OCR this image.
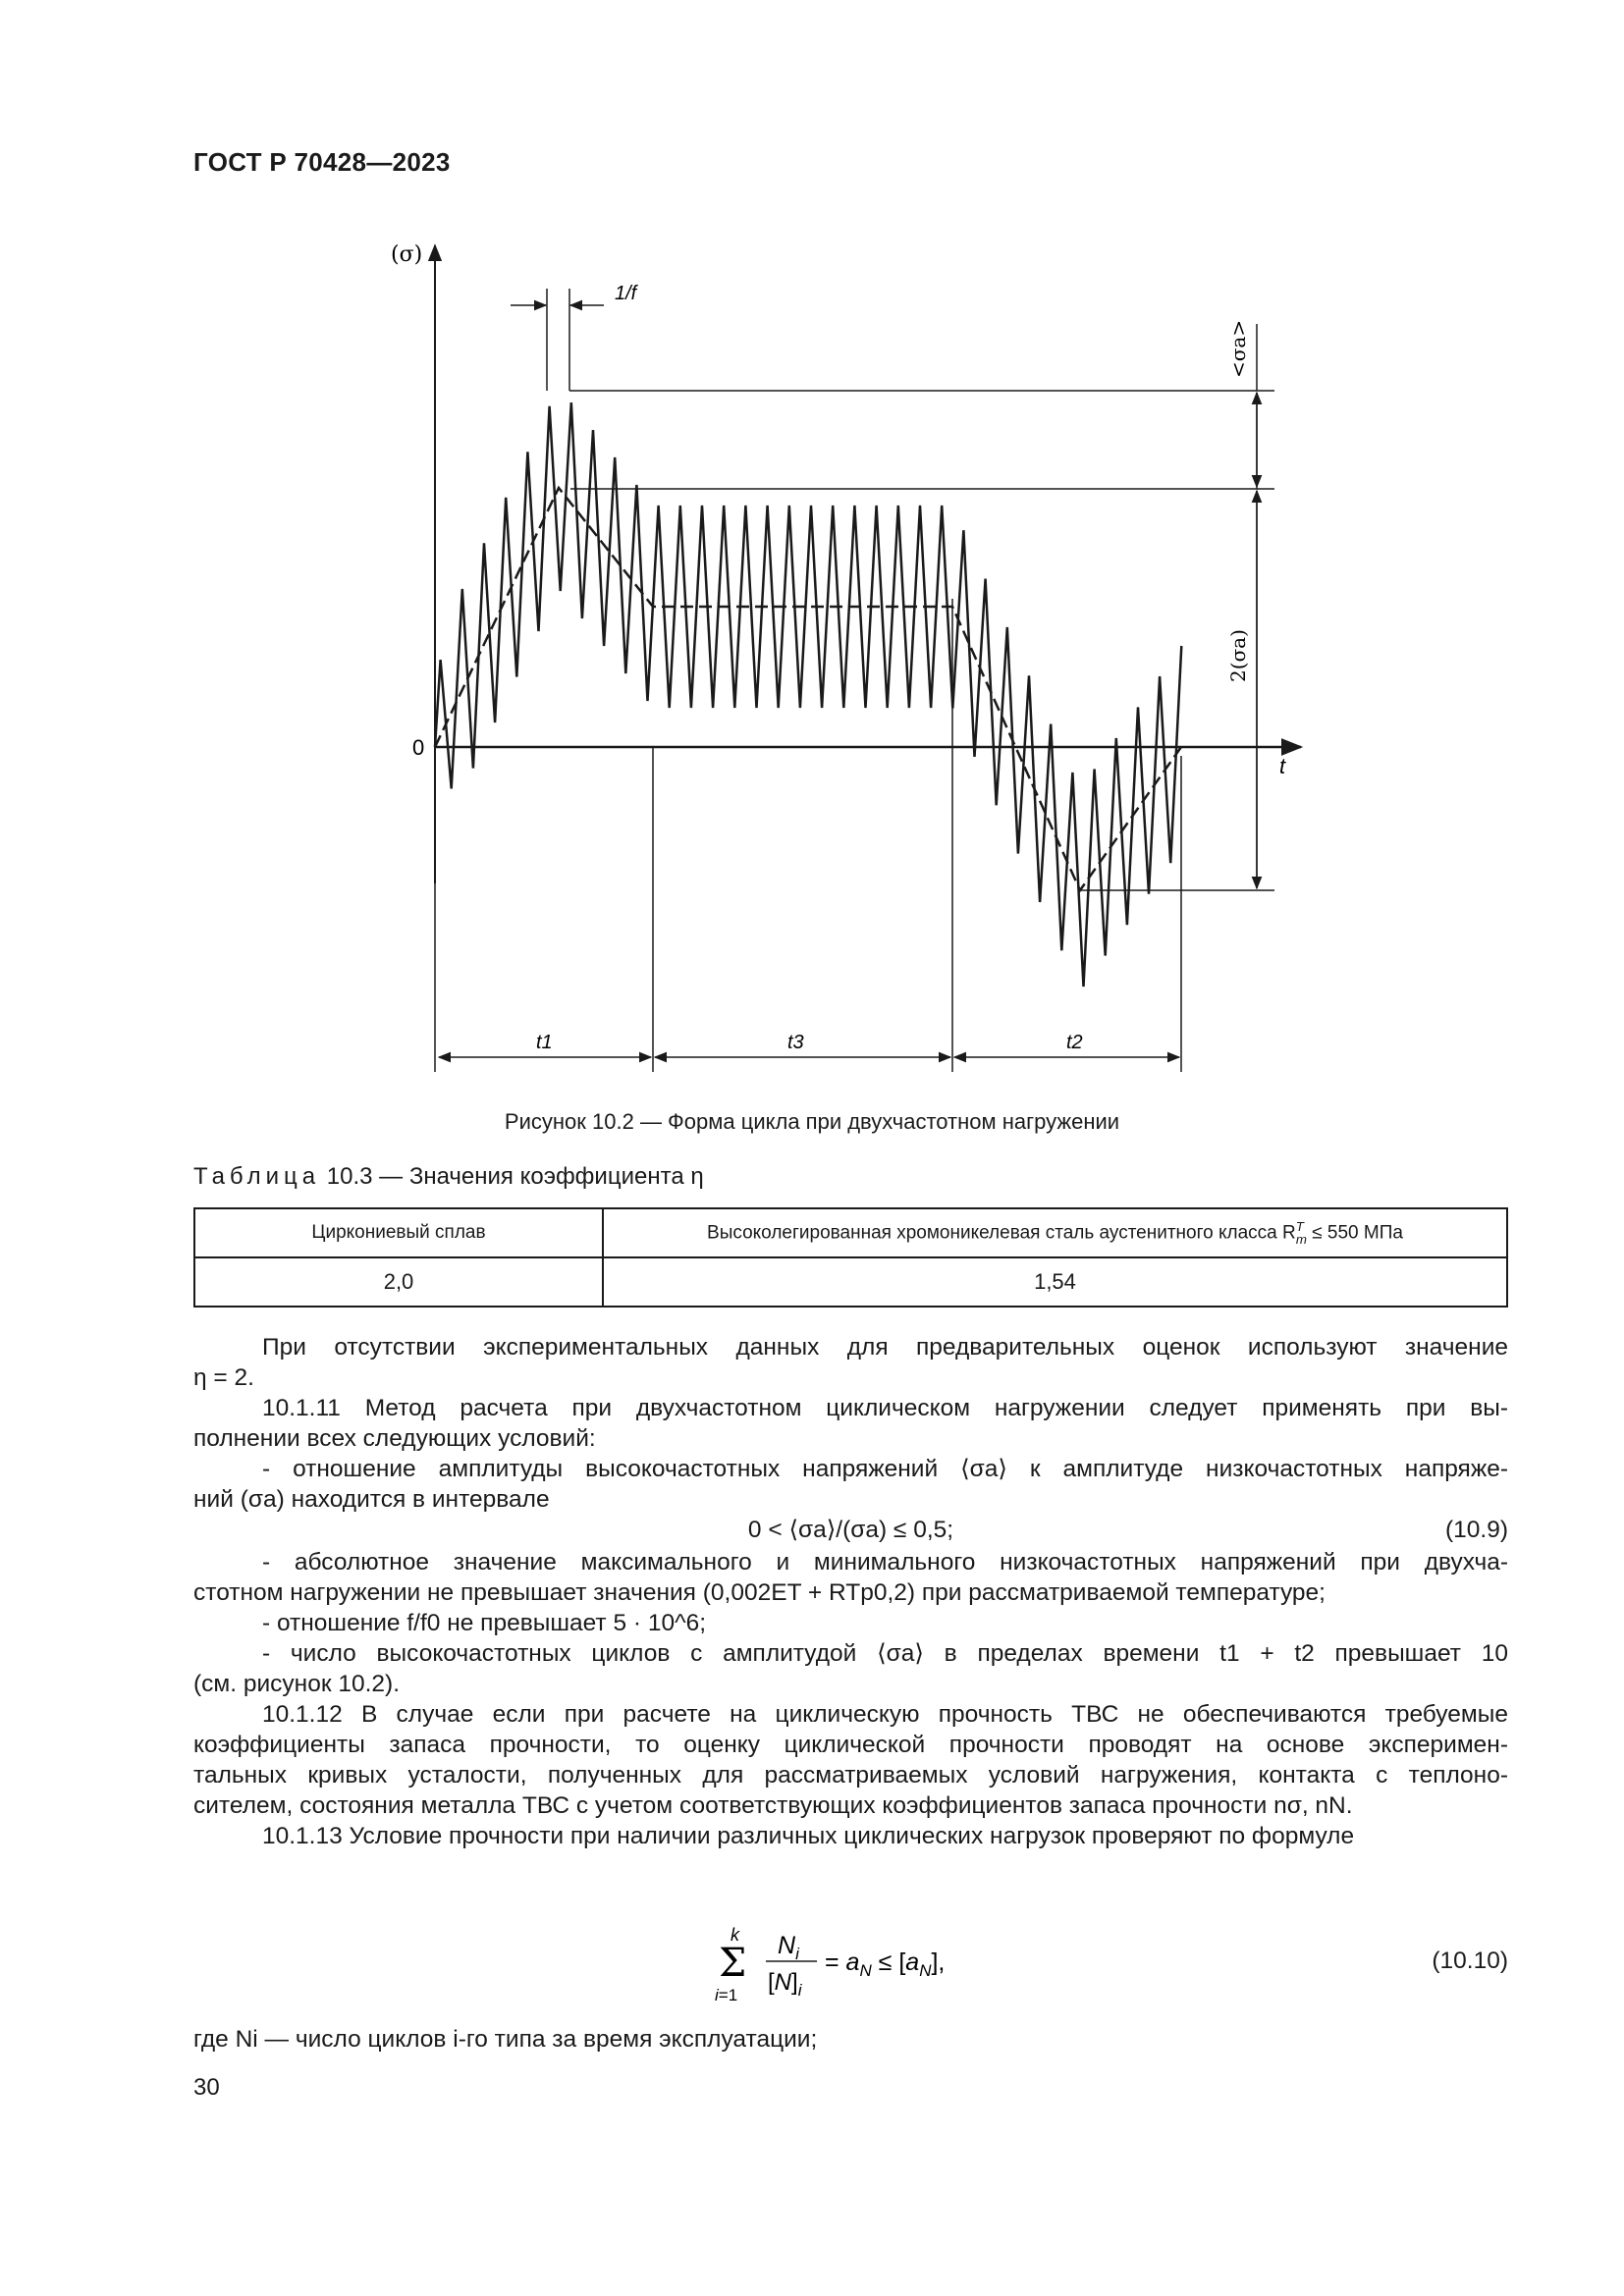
ГОСТ Р 70428—2023
(σ)
t
0
1/f
<σa>
2(σa)
t1	t3	t2
Рисунок 10.2 — Форма цикла при двухчастотном нагружении
Таблица 10.3 — Значения коэффициента η
Циркониевый сплав	Высоколегированная хромоникелевая сталь аустенитного класса $R^T_m \le 550$ МПа
2,0	1,54

При отсутствии экспериментальных данных для предварительных оценок используют значение

η = 2.

10.1.11 Метод расчета при двухчастотном циклическом нагружении следует применять при вы-

полнении всех следующих условий:

- отношение амплитуды высокочастотных напряжений ⟨σa⟩ к амплитуде низкочастотных напряже-

ний (σa) находится в интервале

0 < ⟨σa⟩/(σa) ≤ 0,5;	(10.9)

- абсолютное значение максимального и минимального низкочастотных напряжений при двухча-

стотном нагружении не превышает значения (0,002ET + RTp0,2) при рассматриваемой температуре;

- отношение f/f0 не превышает 5 · 10^6;

- число высокочастотных циклов с амплитудой ⟨σa⟩ в пределах времени t1 + t2 превышает 10

(см. рисунок 10.2).

10.1.12 В случае если при расчете на циклическую прочность ТВС не обеспечиваются требуемые

коэффициенты запаса прочности, то оценку циклической прочности проводят на основе эксперимен-

тальных кривых усталости, полученных для рассматриваемых условий нагружения, контакта с теплоно-

сителем, состояния металла ТВС с учетом соответствующих коэффициентов запаса прочности nσ, nN.

10.1.13 Условие прочности при наличии различных циклических нагрузок проверяют по формуле

k
Σ
i=1
$N_i$
$[N]_i$
= $a_N \le [a_N]$,	(10.10)
где Ni — число циклов i-го типа за время эксплуатации;
30
